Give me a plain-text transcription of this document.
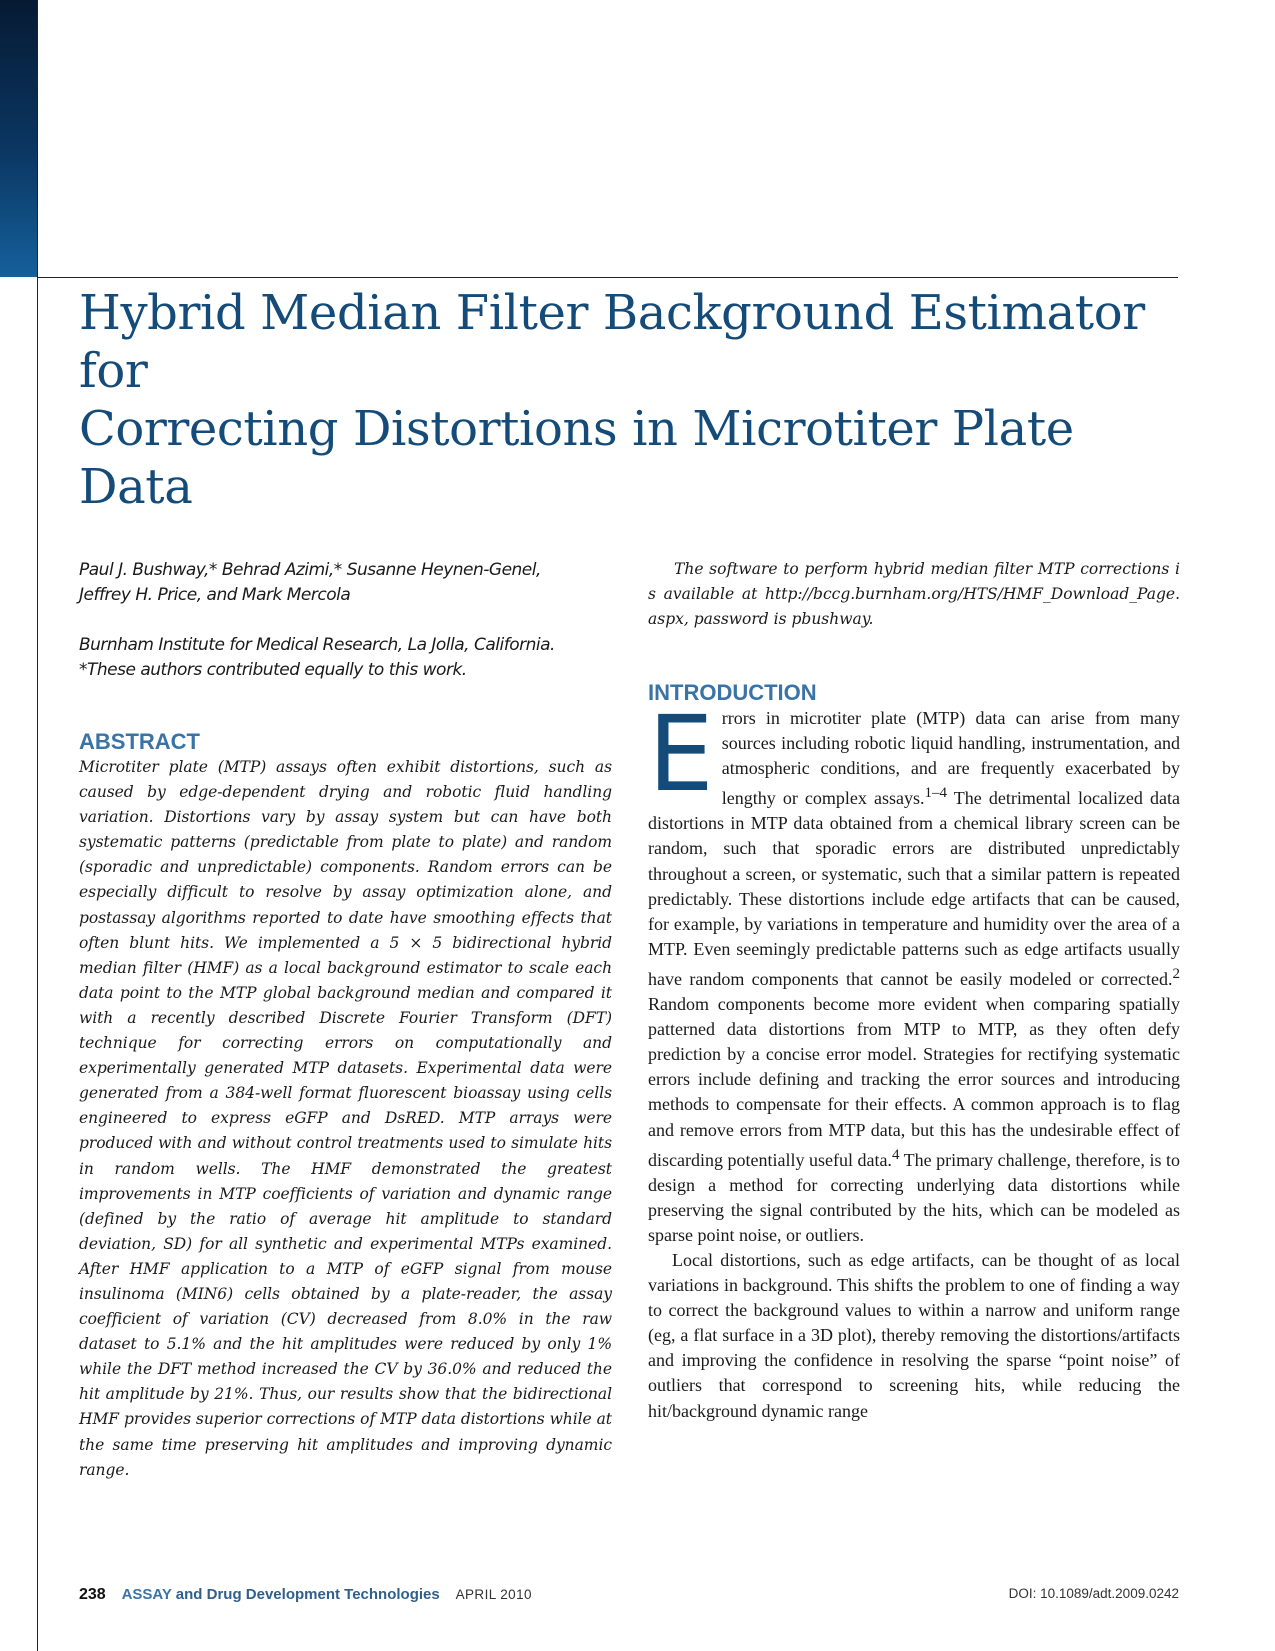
Hybrid Median Filter Background Estimator for
Correcting Distortions in Microtiter Plate Data
Paul J. Bushway,* Behrad Azimi,* Susanne Heynen-Genel,
Jeffrey H. Price, and Mark Mercola
Burnham Institute for Medical Research, La Jolla, California.
*These authors contributed equally to this work.
ABSTRACT

Microtiter plate (MTP) assays often exhibit distortions, such as caused by edge-dependent drying and robotic fluid handling variation. Distortions vary by assay system but can have both systematic patterns (predictable from plate to plate) and random (sporadic and unpredictable) components. Random errors can be especially difficult to resolve by assay optimization alone, and postassay algorithms reported to date have smoothing effects that often blunt hits. We implemented a 5 × 5 bidirectional hybrid median filter (HMF) as a local background estimator to scale each data point to the MTP global background median and compared it with a recently described Discrete Fourier Transform (DFT) technique for correcting errors on computationally and experimentally generated MTP datasets. Experimental data were generated from a 384-well format fluorescent bioassay using cells engineered to express eGFP and DsRED. MTP arrays were produced with and without control treatments used to simulate hits in random wells. The HMF demonstrated the greatest improvements in MTP coefficients of variation and dynamic range (defined by the ratio of average hit amplitude to standard deviation, SD) for all synthetic and experimental MTPs examined. After HMF application to a MTP of eGFP signal from mouse insulinoma (MIN6) cells obtained by a plate-reader, the assay coefficient of variation (CV) decreased from 8.0% in the raw dataset to 5.1% and the hit amplitudes were reduced by only 1% while the DFT method increased the CV by 36.0% and reduced the hit amplitude by 21%. Thus, our results show that the bidirectional HMF provides superior corrections of MTP data distortions while at the same time preserving hit amplitudes and improving dynamic range.

The software to perform hybrid median filter MTP corrections is available at http://bccg.burnham.org/HTS/HMF_Download_Page.aspx, password is pbushway.

INTRODUCTION

Errors in microtiter plate (MTP) data can arise from many sources including robotic liquid handling, instrumentation, and atmospheric conditions, and are frequently exacerbated by lengthy or complex assays.$^{1-4}$ The detrimental localized data distortions in MTP data obtained from a chemical library screen can be random, such that sporadic errors are distributed unpredictably throughout a screen, or systematic, such that a similar pattern is repeated predictably. These distortions include edge artifacts that can be caused, for example, by variations in temperature and humidity over the area of a MTP. Even seemingly predictable patterns such as edge artifacts usually have random components that cannot be easily modeled or corrected.$^2$ Random components become more evident when comparing spatially patterned data distortions from MTP to MTP, as they often defy prediction by a concise error model. Strategies for rectifying systematic errors include defining and tracking the error sources and introducing methods to compensate for their effects. A common approach is to flag and remove errors from MTP data, but this has the undesirable effect of discarding potentially useful data.$^4$ The primary challenge, therefore, is to design a method for correcting underlying data distortions while preserving the signal contributed by the hits, which can be modeled as sparse point noise, or outliers.

Local distortions, such as edge artifacts, can be thought of as local variations in background. This shifts the problem to one of finding a way to correct the background values to within a narrow and uniform range (eg, a flat surface in a 3D plot), thereby removing the distortions/artifacts and improving the confidence in resolving the sparse “point noise” of outliers that correspond to screening hits, while reducing the hit/background dynamic range

238 ASSAY and Drug Development Technologies APRIL 2010	DOI: 10.1089/adt.2009.0242
